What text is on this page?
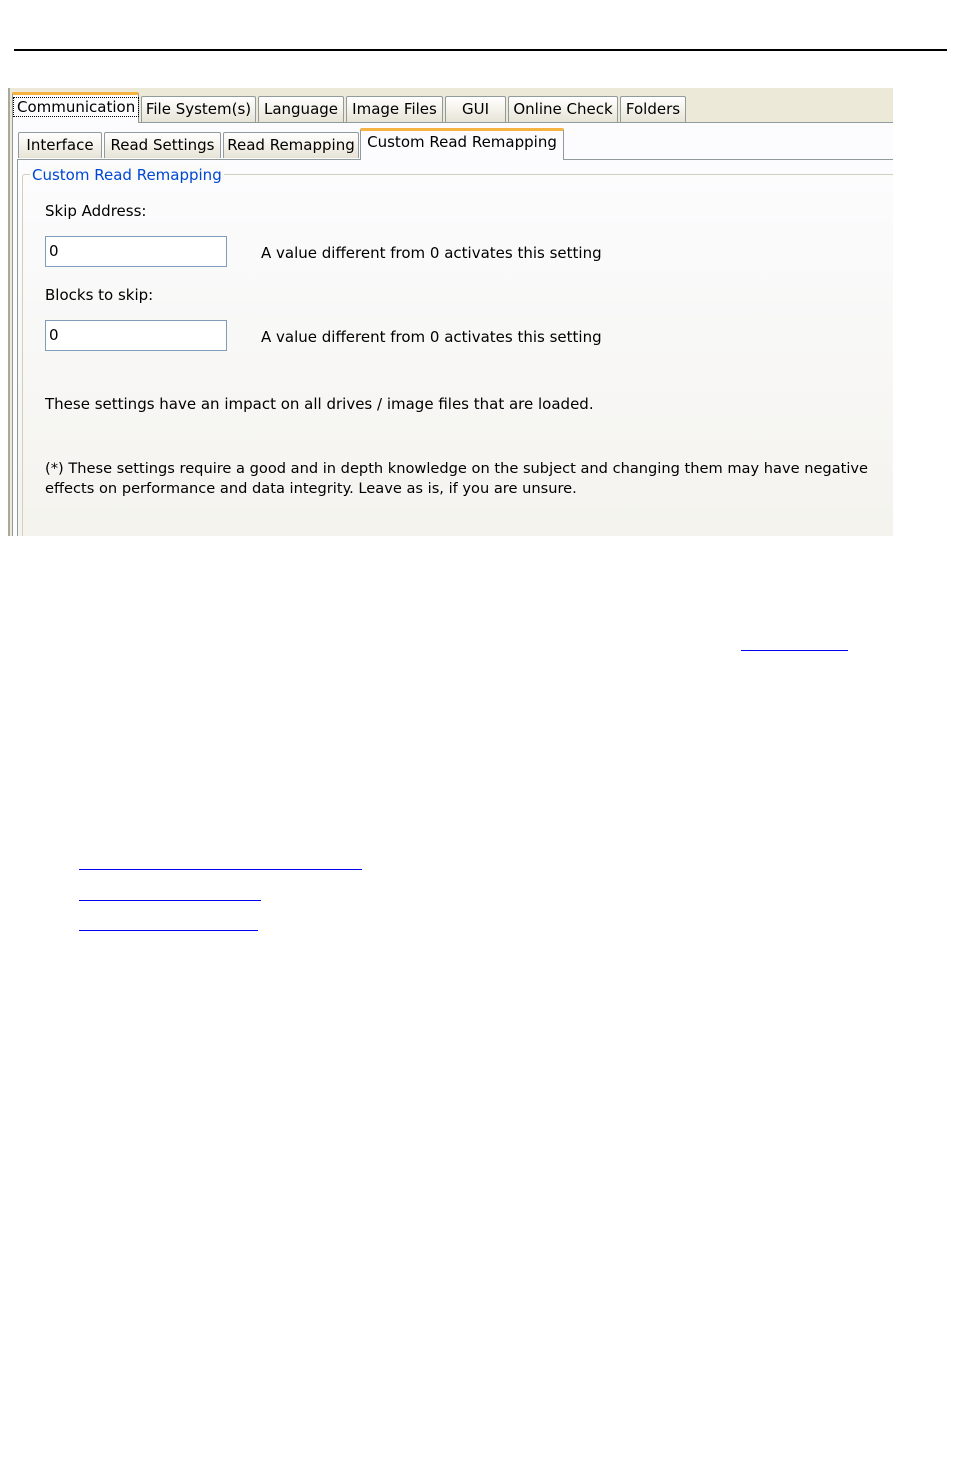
Communication File System(s) Language Image Files	GUI	Online Check Folders
Interface	Read Settings Read Remapping Custom Read Remapping
Custom Read Remapping
Skip Address:
0	A value different from 0 activates this setting
Blocks to skip:
0	A value different from 0 activates this setting
These settings have an impact on all drives / image files that are loaded.
(*) These settings require a good and in depth knowledge on the subject and changing them may have negative
effects on performance and data integrity. Leave as is, if you are unsure.
